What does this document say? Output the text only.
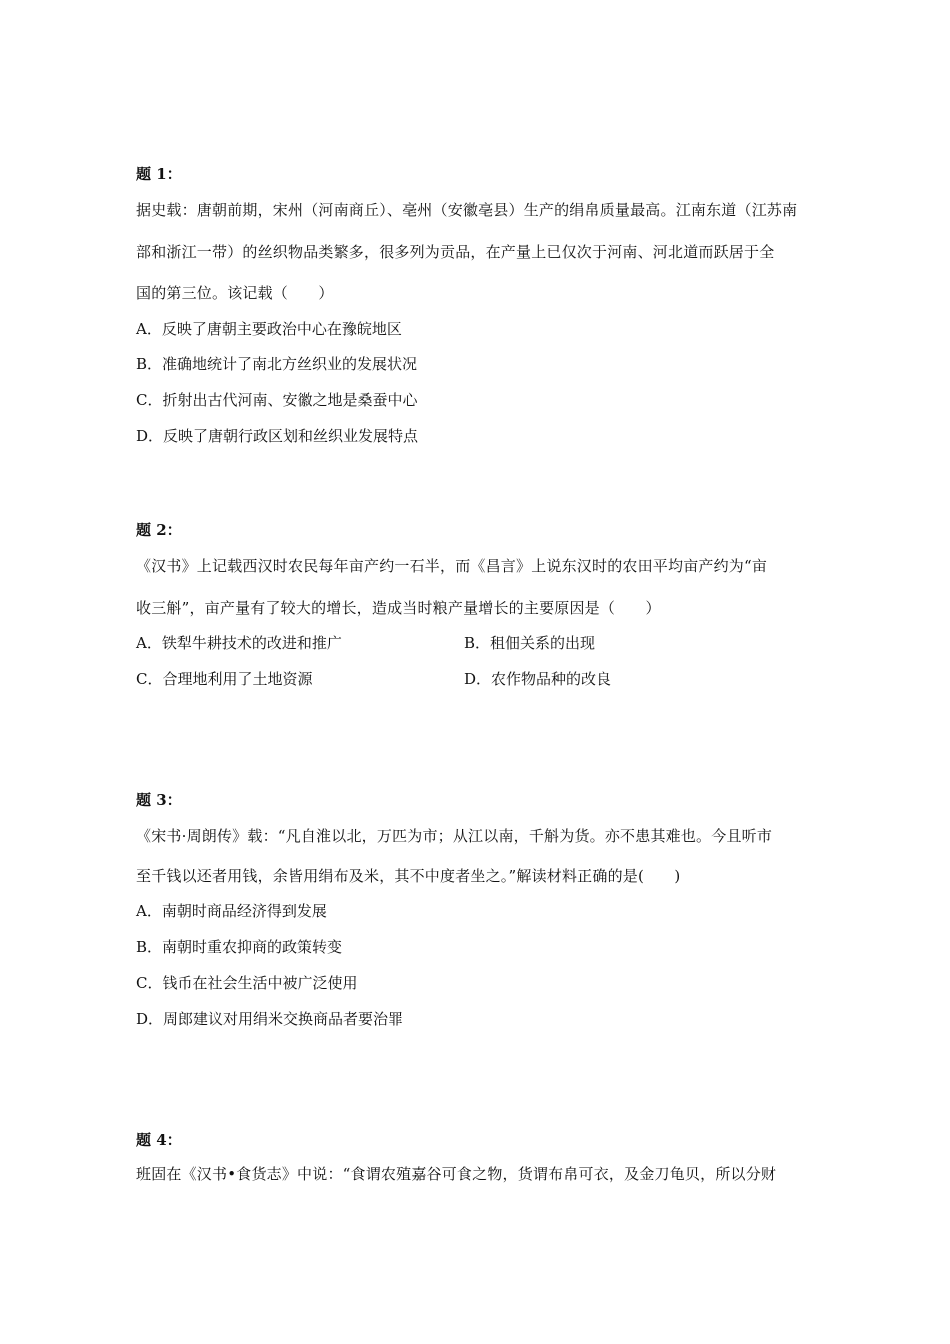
题 1：
据史载：唐朝前期，宋州（河南商丘）、亳州（安徽亳县）生产的绢帛质量最高。江南东道（江苏南
部和浙江一带）的丝织物品类繁多，很多列为贡品，在产量上已仅次于河南、河北道而跃居于全
国的第三位。该记载（　　）
A．反映了唐朝主要政治中心在豫皖地区
B．准确地统计了南北方丝织业的发展状况
C．折射出古代河南、安徽之地是桑蚕中心
D．反映了唐朝行政区划和丝织业发展特点
题 2：
《汉书》上记载西汉时农民每年亩产约一石半，而《昌言》上说东汉时的农田平均亩产约为“亩
收三斛”，亩产量有了较大的增长，造成当时粮产量增长的主要原因是（　　）
A．铁犁牛耕技术的改进和推广	B．租佃关系的出现
C．合理地利用了土地资源	D．农作物品种的改良
题 3：
《宋书·周朗传》载：“凡自淮以北，万匹为市；从江以南，千斛为货。亦不患其难也。今且听市
至千钱以还者用钱，余皆用绢布及米，其不中度者坐之。”解读材料正确的是(　　)
A．南朝时商品经济得到发展
B．南朝时重农抑商的政策转变
C．钱币在社会生活中被广泛使用
D．周郎建议对用绢米交换商品者要治罪
题 4：
班固在《汉书•食货志》中说：“食谓农殖嘉谷可食之物，货谓布帛可衣，及金刀龟贝，所以分财
